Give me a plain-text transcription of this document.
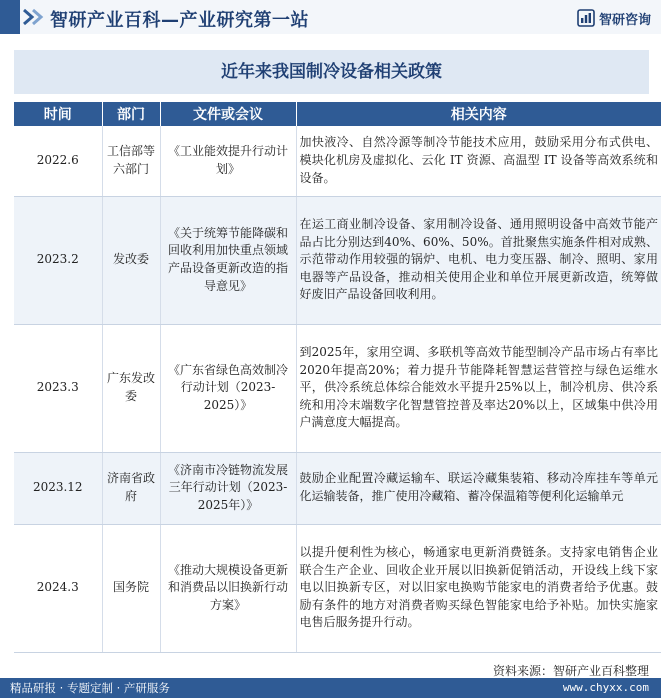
智研产业百科—产业研究第一站	智研咨询
近年来我国制冷设备相关政策
时间	部门	文件或会议	相关内容
2022.6	工信部等六部门	《工业能效提升行动计划》	加快液冷、自然冷源等制冷节能技术应用，鼓励采用分布式供电、模块化机房及虚拟化、云化 IT 资源、高温型 IT 设备等高效系统和设备。
2023.2	发改委	《关于统筹节能降碳和回收利用加快重点领域产品设备更新改造的指导意见》	在运工商业制冷设备、家用制冷设备、通用照明设备中高效节能产品占比分别达到40%、60%、50%。首批聚焦实施条件相对成熟、示范带动作用较强的锅炉、电机、电力变压器、制冷、照明、家用电器等产品设备，推动相关使用企业和单位开展更新改造，统筹做好废旧产品设备回收利用。
2023.3	广东发改委	《广东省绿色高效制冷行动计划（2023-2025）》	到2025年，家用空调、多联机等高效节能型制冷产品市场占有率比2020年提高20%；着力提升节能降耗智慧运营管控与绿色运维水平，供冷系统总体综合能效水平提升25%以上，制冷机房、供冷系统和用冷末端数字化智慧管控普及率达20%以上，区域集中供冷用户满意度大幅提高。
2023.12	济南省政府	《济南市冷链物流发展三年行动计划（2023-2025年）》	鼓励企业配置冷藏运输车、联运冷藏集装箱、移动冷库挂车等单元化运输装备，推广使用冷藏箱、蓄冷保温箱等便利化运输单元
2024.3	国务院	《推动大规模设备更新和消费品以旧换新行动方案》	以提升便利性为核心，畅通家电更新消费链条。支持家电销售企业联合生产企业、回收企业开展以旧换新促销活动，开设线上线下家电以旧换新专区，对以旧家电换购节能家电的消费者给予优惠。鼓励有条件的地方对消费者购买绿色智能家电给予补贴。加快实施家电售后服务提升行动。
资料来源：智研产业百科整理
精品研报 · 专题定制 · 产研服务	www.chyxx.com
